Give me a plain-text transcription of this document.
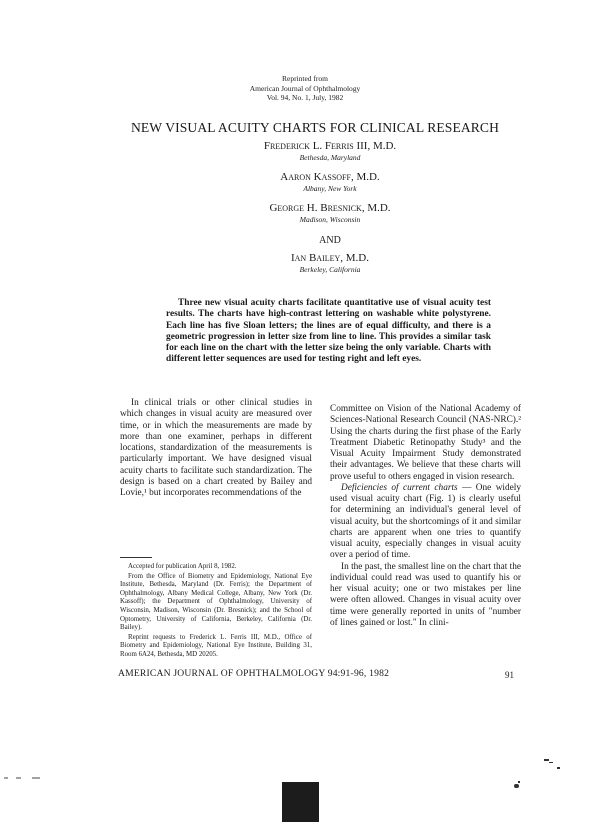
Reprinted from
American Journal of Ophthalmology
Vol. 94, No. 1, July, 1982
NEW VISUAL ACUITY CHARTS FOR CLINICAL RESEARCH
Frederick L. Ferris III, M.D.
Bethesda, Maryland
Aaron Kassoff, M.D.
Albany, New York
George H. Bresnick, M.D.
Madison, Wisconsin
AND
Ian Bailey, M.D.
Berkeley, California
Three new visual acuity charts facilitate quantitative use of visual acuity test results. The charts have high-contrast lettering on washable white polystyrene. Each line has five Sloan letters; the lines are of equal difficulty, and there is a geometric progression in letter size from line to line. This provides a similar task for each line on the chart with the letter size being the only variable. Charts with different letter sequences are used for testing right and left eyes.

In clinical trials or other clinical studies in which changes in visual acuity are measured over time, or in which the measurements are made by more than one examiner, perhaps in different locations, standardization of the measurements is particularly important. We have designed visual acuity charts to facilitate such standardization. The design is based on a chart created by Bailey and Lovie,¹ but incorporates recommendations of the

Committee on Vision of the National Academy of Sciences-National Research Council (NAS-NRC).² Using the charts during the first phase of the Early Treatment Diabetic Retinopathy Study³ and the Visual Acuity Impairment Study demonstrated their advantages. We believe that these charts will prove useful to others engaged in vision research.

Deficiencies of current charts — One widely used visual acuity chart (Fig. 1) is clearly useful for determining an individual's general level of visual acuity, but the shortcomings of it and similar charts are apparent when one tries to quantify visual acuity, especially changes in visual acuity over a period of time.

In the past, the smallest line on the chart that the individual could read was used to quantify his or her visual acuity; one or two mistakes per line were often allowed. Changes in visual acuity over time were generally reported in units of "number of lines gained or lost." In clini-

Accepted for publication April 8, 1982.

From the Office of Biometry and Epidemiology, National Eye Institute, Bethesda, Maryland (Dr. Ferris); the Department of Ophthalmology, Albany Medical College, Albany, New York (Dr. Kassoff); the Department of Ophthalmology, University of Wisconsin, Madison, Wisconsin (Dr. Bresnick); and the School of Optometry, University of California, Berkeley, California (Dr. Bailey).

Reprint requests to Frederick L. Ferris III, M.D., Office of Biometry and Epidemiology, National Eye Institute, Building 31, Room 6A24, Bethesda, MD 20205.

AMERICAN JOURNAL OF OPHTHALMOLOGY 94:91-96, 1982	91
